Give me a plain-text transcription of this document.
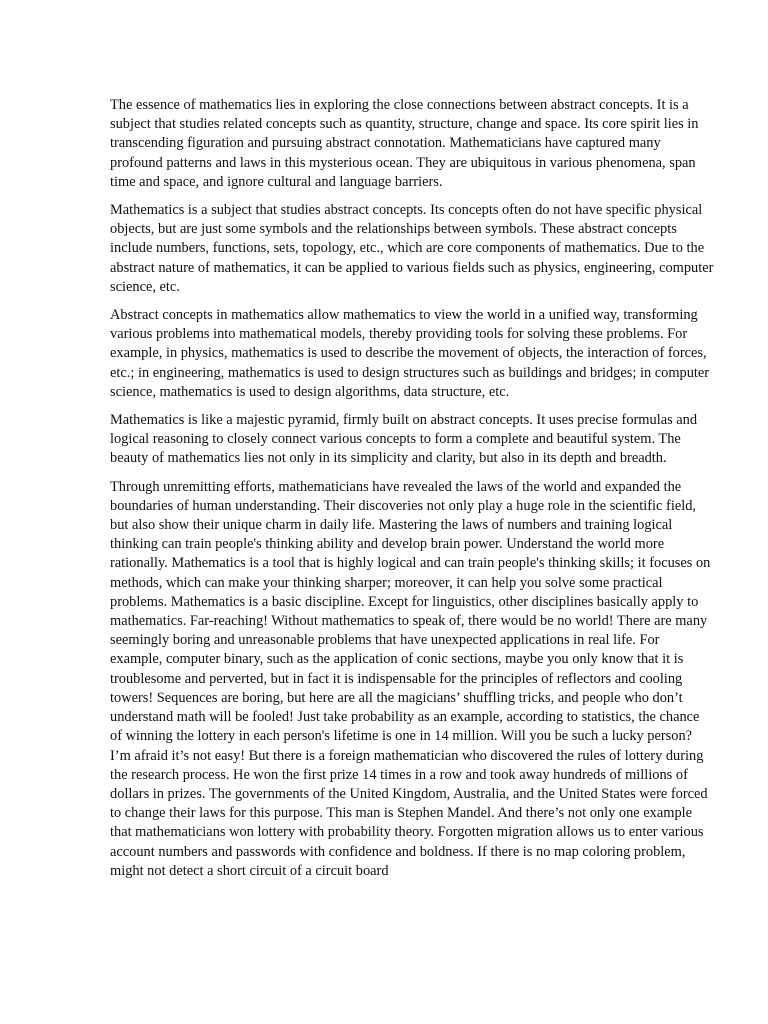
The essence of mathematics lies in exploring the close connections between abstract concepts. It is a subject that studies related concepts such as quantity, structure, change and space. Its core spirit lies in transcending figuration and pursuing abstract connotation. Mathematicians have captured many profound patterns and laws in this mysterious ocean. They are ubiquitous in various phenomena, span time and space, and ignore cultural and language barriers.

Mathematics is a subject that studies abstract concepts. Its concepts often do not have specific physical objects, but are just some symbols and the relationships between symbols. These abstract concepts include numbers, functions, sets, topology, etc., which are core components of mathematics. Due to the abstract nature of mathematics, it can be applied to various fields such as physics, engineering, computer science, etc.

Abstract concepts in mathematics allow mathematics to view the world in a unified way, transforming various problems into mathematical models, thereby providing tools for solving these problems. For example, in physics, mathematics is used to describe the movement of objects, the interaction of forces, etc.; in engineering, mathematics is used to design structures such as buildings and bridges; in computer science, mathematics is used to design algorithms, data structure, etc.

Mathematics is like a majestic pyramid, firmly built on abstract concepts. It uses precise formulas and logical reasoning to closely connect various concepts to form a complete and beautiful system. The beauty of mathematics lies not only in its simplicity and clarity, but also in its depth and breadth.

Through unremitting efforts, mathematicians have revealed the laws of the world and expanded the boundaries of human understanding. Their discoveries not only play a huge role in the scientific field, but also show their unique charm in daily life. Mastering the laws of numbers and training logical thinking can train people's thinking ability and develop brain power. Understand the world more rationally. Mathematics is a tool that is highly logical and can train people's thinking skills; it focuses on methods, which can make your thinking sharper; moreover, it can help you solve some practical problems. Mathematics is a basic discipline. Except for linguistics, other disciplines basically apply to mathematics. Far-reaching! Without mathematics to speak of, there would be no world! There are many seemingly boring and unreasonable problems that have unexpected applications in real life. For example, computer binary, such as the application of conic sections, maybe you only know that it is troublesome and perverted, but in fact it is indispensable for the principles of reflectors and cooling towers! Sequences are boring, but here are all the magicians’ shuffling tricks, and people who don’t understand math will be fooled! Just take probability as an example, according to statistics, the chance of winning the lottery in each person's lifetime is one in 14 million. Will you be such a lucky person? I’m afraid it’s not easy! But there is a foreign mathematician who discovered the rules of lottery during the research process. He won the first prize 14 times in a row and took away hundreds of millions of dollars in prizes. The governments of the United Kingdom, Australia, and the United States were forced to change their laws for this purpose. This man is Stephen Mandel. And there’s not only one example that mathematicians won lottery with probability theory. Forgotten migration allows us to enter various account numbers and passwords with confidence and boldness. If there is no map coloring problem, might not detect a short circuit of a circuit board
